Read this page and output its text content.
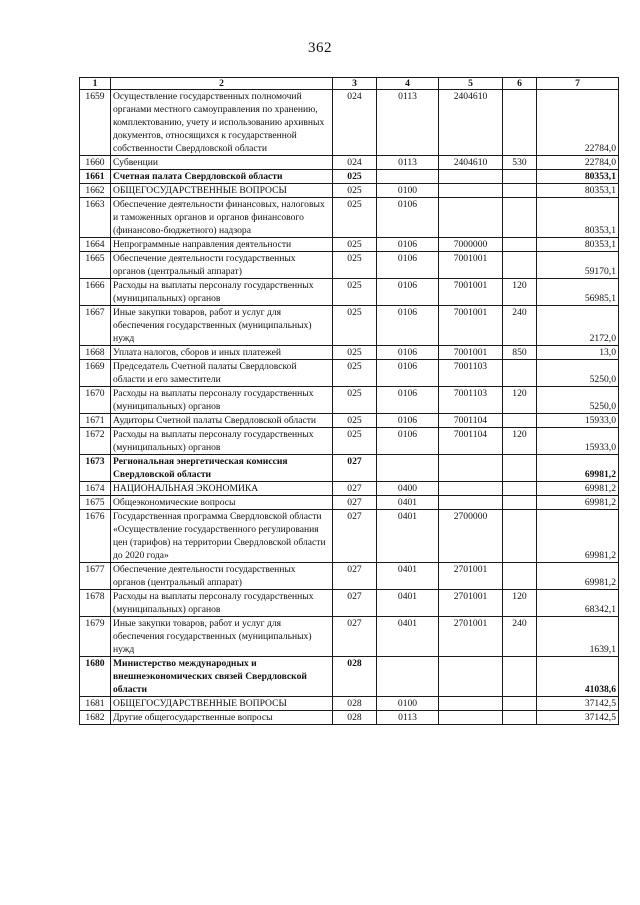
362
1	2	3	4	5	6	7
1659	Осуществление государственных полномочий органами местного самоуправления по хранению, комплектованию, учету и использованию архивных документов, относящихся к государственной собственности Свердловской области	024	0113	2404610		22784,0
1660	Субвенции	024	0113	2404610	530	22784,0
1661	Счетная палата Свердловской области	025				80353,1
1662	ОБЩЕГОСУДАРСТВЕННЫЕ ВОПРОСЫ	025	0100			80353,1
1663	Обеспечение деятельности финансовых, налоговых и таможенных органов и органов финансового (финансово-бюджетного) надзора	025	0106			80353,1
1664	Непрограммные направления деятельности	025	0106	7000000		80353,1
1665	Обеспечение деятельности государственных органов (центральный аппарат)	025	0106	7001001		59170,1
1666	Расходы на выплаты персоналу государственных (муниципальных) органов	025	0106	7001001	120	56985,1
1667	Иные закупки товаров, работ и услуг для обеспечения государственных (муниципальных) нужд	025	0106	7001001	240	2172,0
1668	Уплата налогов, сборов и иных платежей	025	0106	7001001	850	13,0
1669	Председатель Счетной палаты Свердловской области и его заместители	025	0106	7001103		5250,0
1670	Расходы на выплаты персоналу государственных (муниципальных) органов	025	0106	7001103	120	5250,0
1671	Аудиторы Счетной палаты Свердловской области	025	0106	7001104		15933,0
1672	Расходы на выплаты персоналу государственных (муниципальных) органов	025	0106	7001104	120	15933,0
1673	Региональная энергетическая комиссия Свердловской области	027				69981,2
1674	НАЦИОНАЛЬНАЯ ЭКОНОМИКА	027	0400			69981,2
1675	Общеэкономические вопросы	027	0401			69981,2
1676	Государственная программа Свердловской области «Осуществление государственного регулирования цен (тарифов) на территории Свердловской области до 2020 года»	027	0401	2700000		69981,2
1677	Обеспечение деятельности государственных органов (центральный аппарат)	027	0401	2701001		69981,2
1678	Расходы на выплаты персоналу государственных (муниципальных) органов	027	0401	2701001	120	68342,1
1679	Иные закупки товаров, работ и услуг для обеспечения государственных (муниципальных) нужд	027	0401	2701001	240	1639,1
1680	Министерство международных и внешнеэкономических связей Свердловской области	028				41038,6
1681	ОБЩЕГОСУДАРСТВЕННЫЕ ВОПРОСЫ	028	0100			37142,5
1682	Другие общегосударственные вопросы	028	0113			37142,5
